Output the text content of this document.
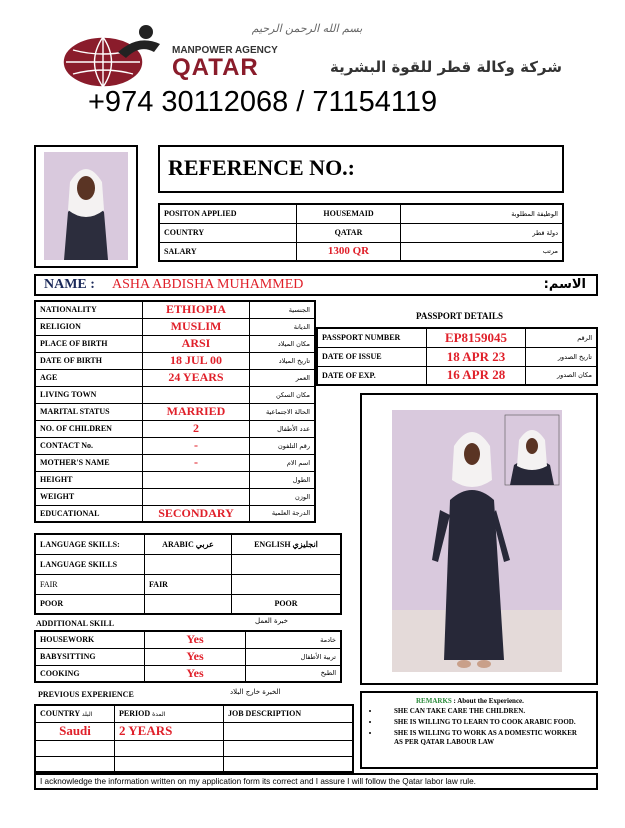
بسم الله الرحمن الرحيم
MANPOWER AGENCY
QATAR	شركة وكالة قطر للقوة البشرية
+974 30112068 / 71154119
REFERENCE NO.:
POSITON APPLIED	HOUSEMAID	الوظيفة المطلوبة
COUNTRY	QATAR	دولة قطر
SALARY	1300 QR	مرتب
NAME : ASHA ABDISHA MUHAMMED	الاسم:
NATIONALITY	ETHIOPIA	الجنسية
RELIGION	MUSLIM	الديانة
PLACE OF BIRTH	ARSI	مكان الميلاد
DATE OF BIRTH	18 JUL 00	تاريخ الميلاد
AGE	24 YEARS	العمر
LIVING TOWN		مكان السكن
MARITAL STATUS	MARRIED	الحالة الاجتماعية
NO. OF CHILDREN	2	عدد الأطفال
CONTACT No.	-	رقم التلفون
MOTHER'S NAME	-	اسم الام
HEIGHT		الطول
WEIGHT		الوزن
EDUCATIONAL	SECONDARY	الدرجة العلمية
PASSPORT DETAILS
PASSPORT NUMBER	EP8159045	الرقم
DATE OF ISSUE	18 APR 23	تاريخ الصدور
DATE OF EXP.	16 APR 28	مكان الصدور
LANGUAGE SKILLS:	ARABIC عربي	ENGLISH انجليزي
LANGUAGE SKILLS		
FAIR	FAIR	
POOR		POOR
ADDITIONAL SKILL	خبرة العمل
HOUSEWORK	Yes	خادمة
BABYSITTING	Yes	تربية الأطفال
COOKING	Yes	الطبخ
PREVIOUS EXPERIENCE	الخبرة خارج البلاد
COUNTRY البلد	PERIOD المدة	JOB DESCRIPTION
Saudi	2 YEARS	

REMARKS : About the Experience.
• SHE CAN TAKE CARE THE CHILDREN.
• SHE IS WILLING TO LEARN TO COOK ARABIC FOOD.
• SHE IS WILLING TO WORK AS A DOMESTIC WORKER AS PER QATAR LABOUR LAW
I acknowledge the information written on my application form its correct and I assure I will follow the Qatar labor law rule.
